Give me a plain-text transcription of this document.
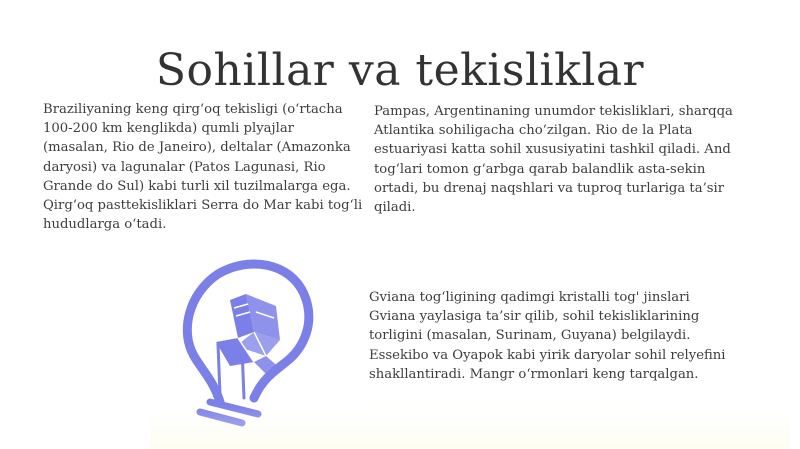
Sohillar va tekisliklar

Braziliyaning keng qirg‘oq tekisligi (o‘rtacha 100-200 km kenglikda) qumli plyajlar (masalan, Rio de Janeiro), deltalar (Amazonka daryosi) va lagunalar (Patos Lagunasi, Rio Grande do Sul) kabi turli xil tuzilmalarga ega. Qirg‘oq pasttekisliklari Serra do Mar kabi tog‘li hududlarga o‘tadi.

Pampas, Argentinaning unumdor tekisliklari, sharqqa Atlantika sohiligacha cho‘zilgan. Rio de la Plata estuariyasi katta sohil xususiyatini tashkil qiladi. And tog‘lari tomon g‘arbga qarab balandlik asta-sekin ortadi, bu drenaj naqshlari va tuproq turlariga ta’sir qiladi.

Gviana tog‘ligining qadimgi kristalli tog' jinslari Gviana yaylasiga ta’sir qilib, sohil tekisliklarining torligini (masalan, Surinam, Guyana) belgilaydi. Essekibo va Oyapok kabi yirik daryolar sohil relyefini shakllantiradi. Mangr o‘rmonlari keng tarqalgan.
